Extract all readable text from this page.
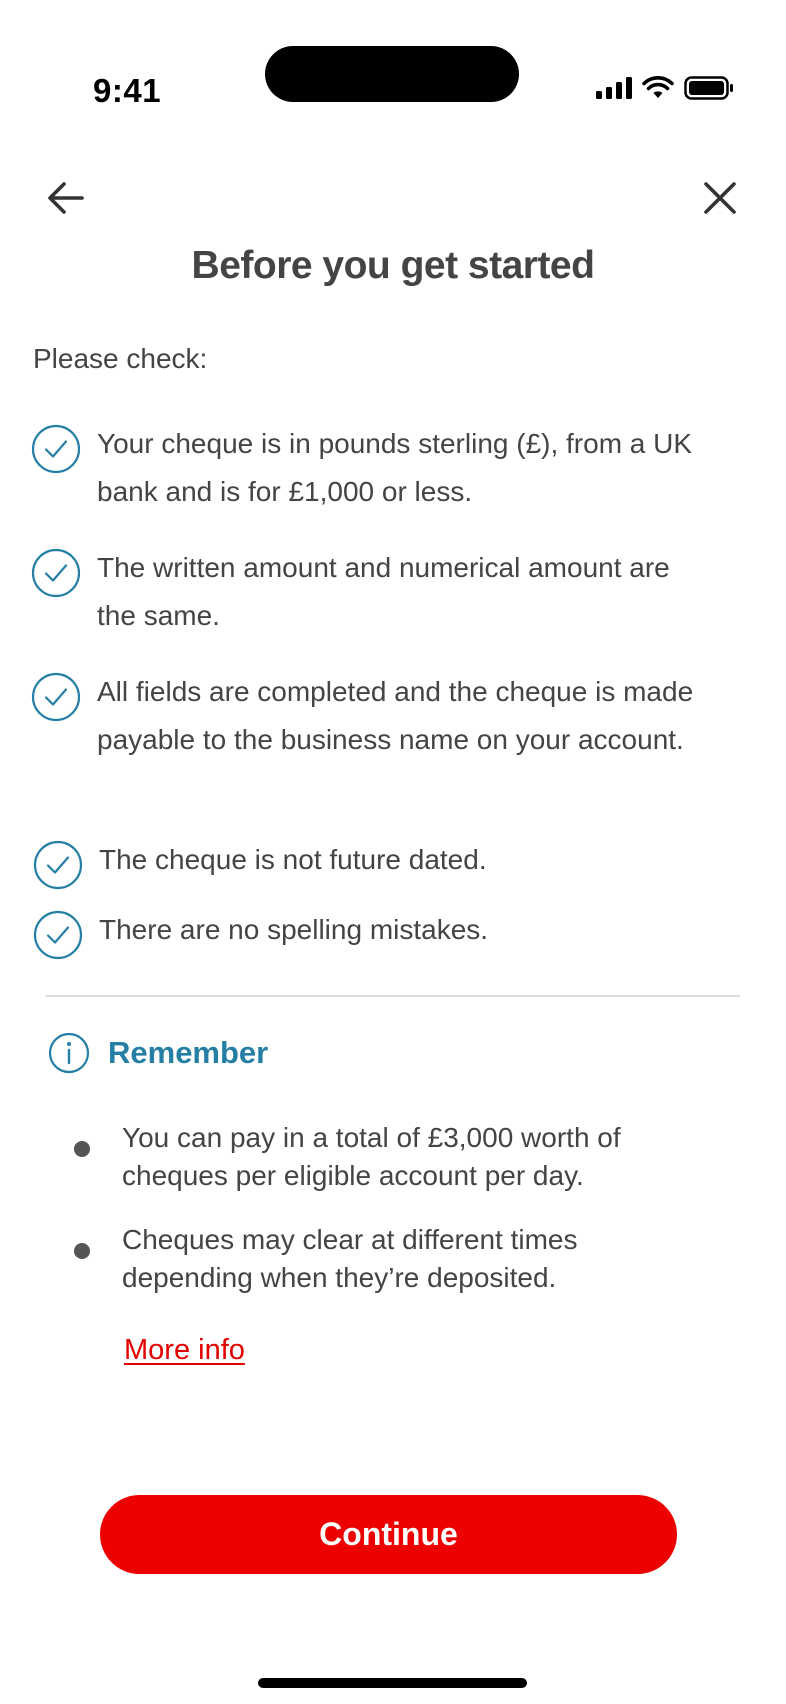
9:41
Before you get started
Please check:
Your cheque is in pounds sterling (£), from a UK bank and is for £1,000 or less.
The written amount and numerical amount are the same.
All fields are completed and the cheque is made payable to the business name on your account.
The cheque is not future dated.
There are no spelling mistakes.
Remember
You can pay in a total of £3,000 worth of cheques per eligible account per day.
Cheques may clear at different times depending when they’re deposited.
More info
Continue
